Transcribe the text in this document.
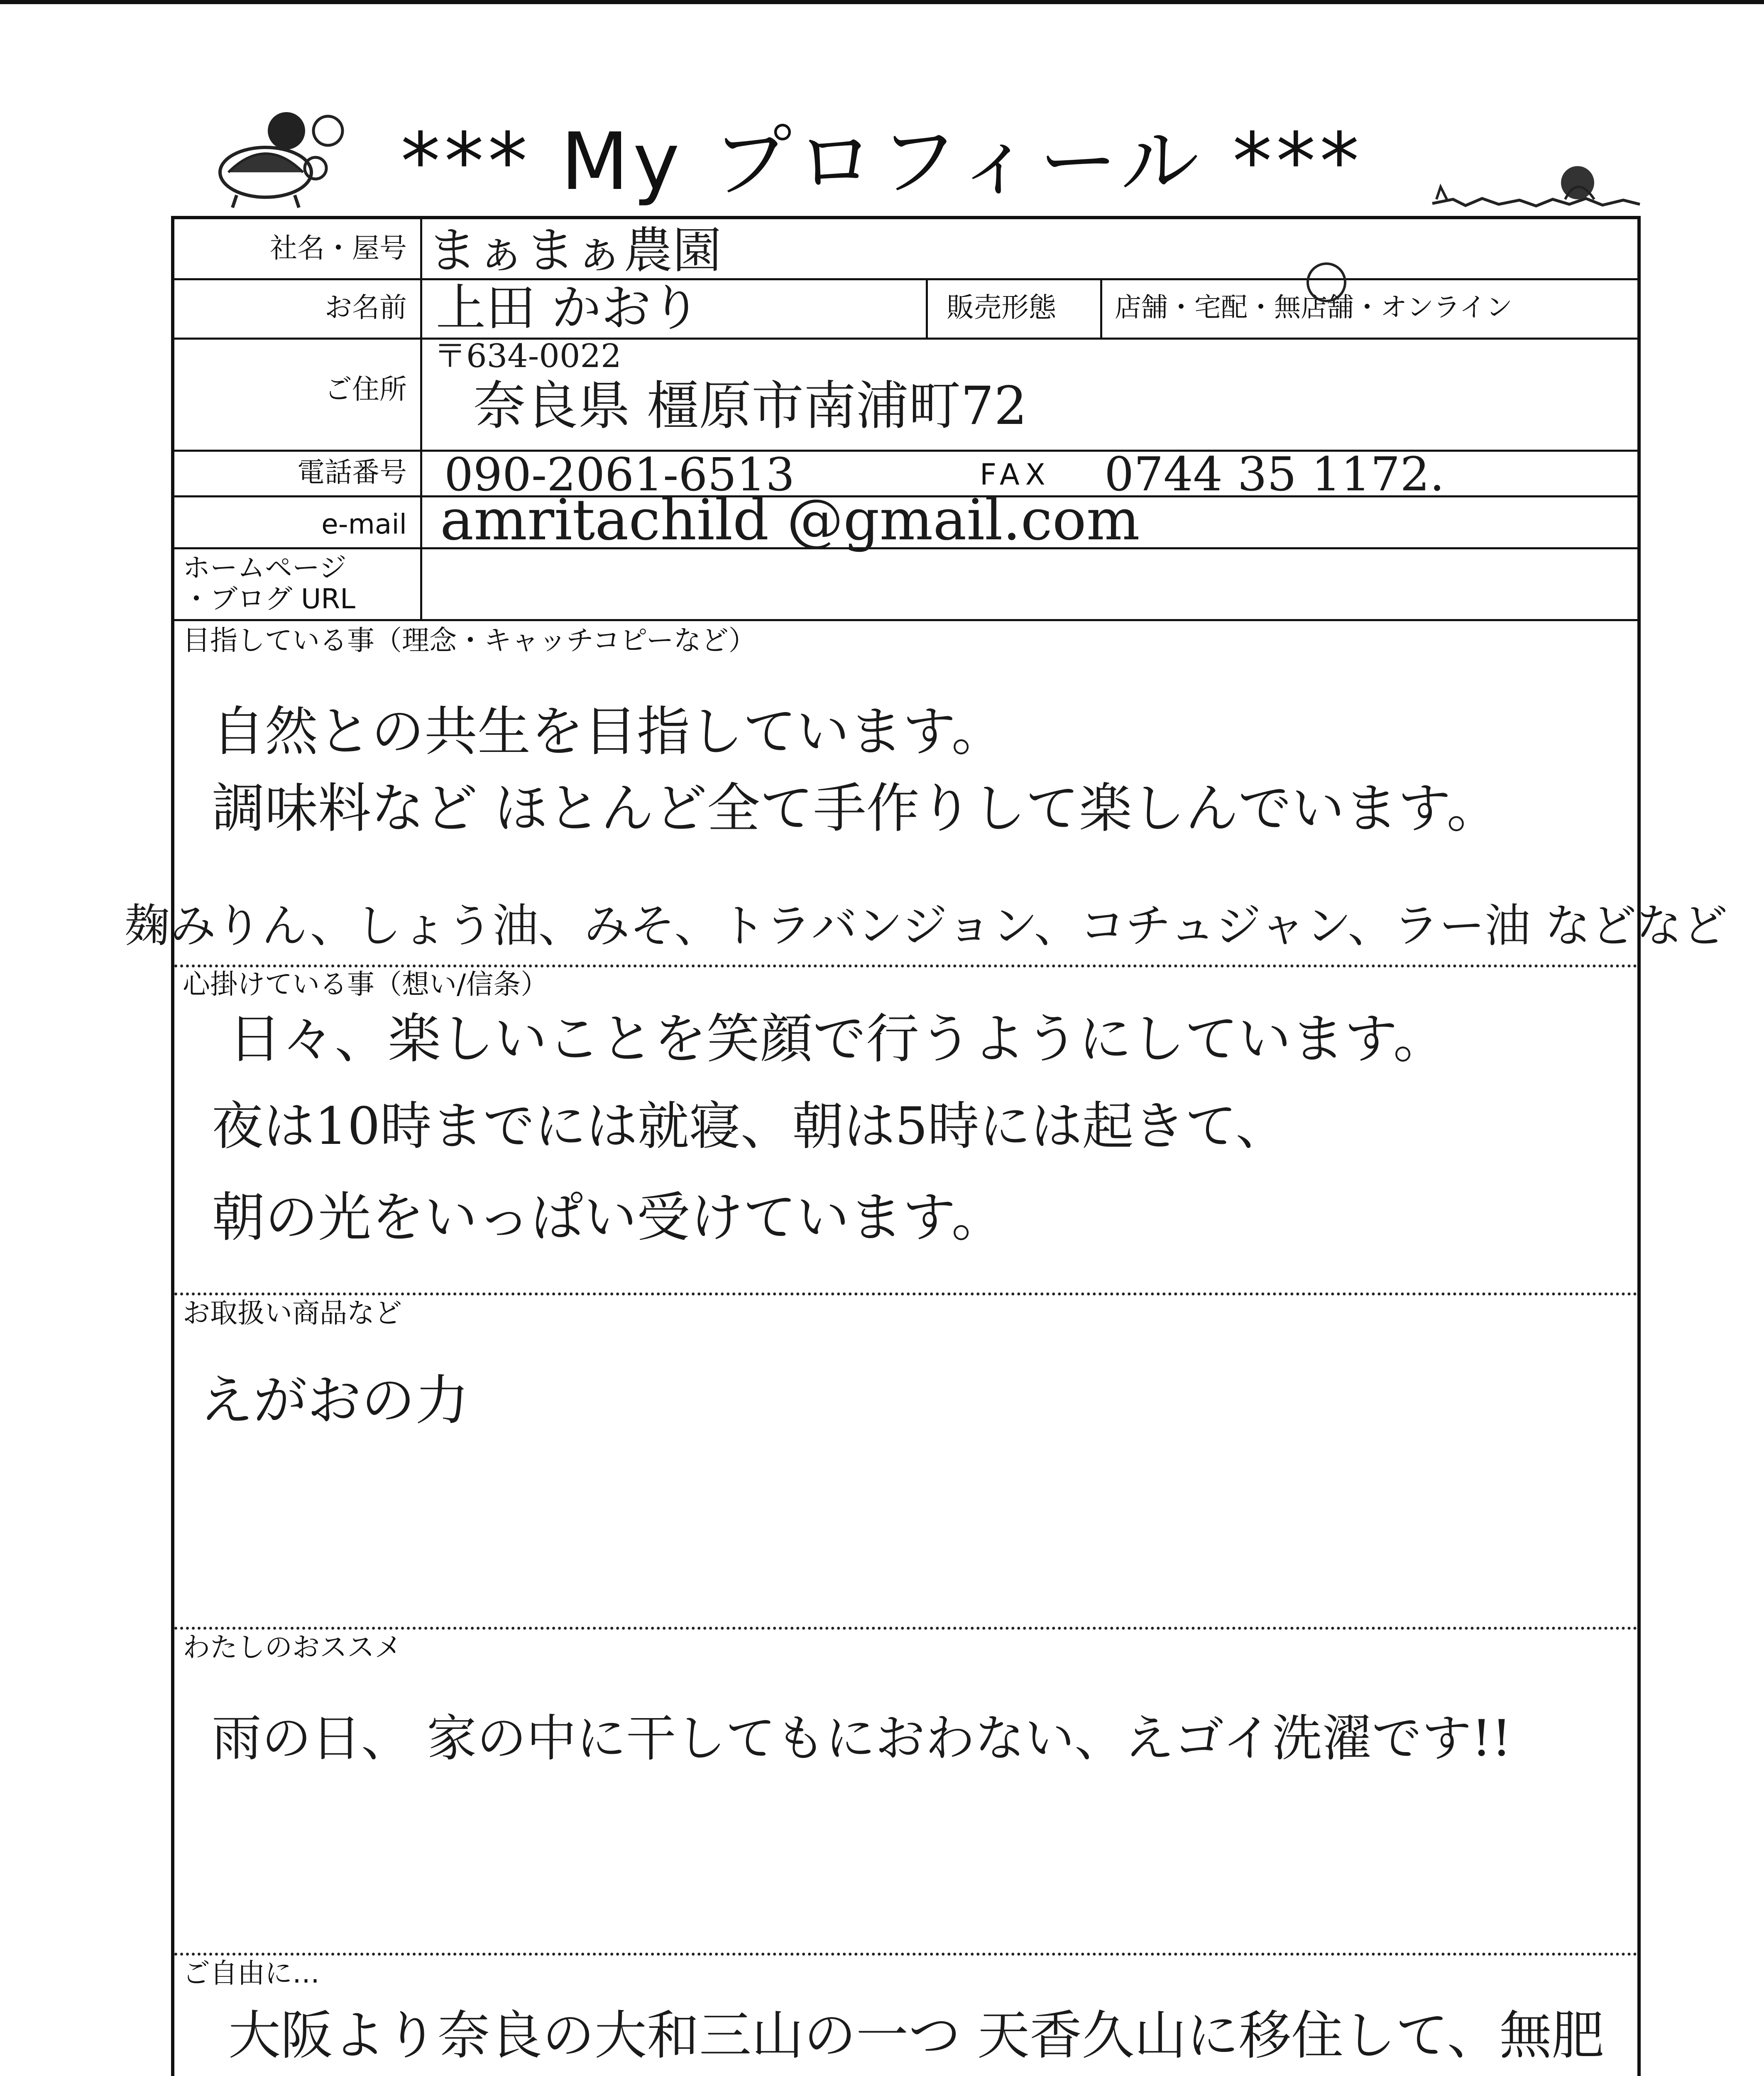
*** My プロフィール ***
社名・屋号
お名前	販売形態 店舗・宅配・無店舗・オンライン
ご住所
電話番号
e-mail
ホームページ
・ブログ URL
まぁまぁ農園
上田 かおり
〒634-0022
奈良県 橿原市南浦町72
090-2061-6513	FAX 0744 35 1172.
amritachild @gmail.com
目指している事（理念・キャッチコピーなど）
自然との共生を目指しています。
調味料など ほとんど全て手作りして楽しんでいます。
心掛けている事（想い/信条）
日々、楽しいことを笑顔で行うようにしています。
夜は10時までには就寝、朝は5時には起きて、
朝の光をいっぱい受けています。
お取扱い商品など
えがおの力
わたしのおススメ
雨の日、 家の中に干してもにおわない、えゴイ洗濯です!!
ご自由に…
大阪より奈良の大和三山の一つ 天香久山に移住して、無肥
麹みりん、しょう油、みそ、トラバンジョン、コチュジャン、ラー油 などなど
